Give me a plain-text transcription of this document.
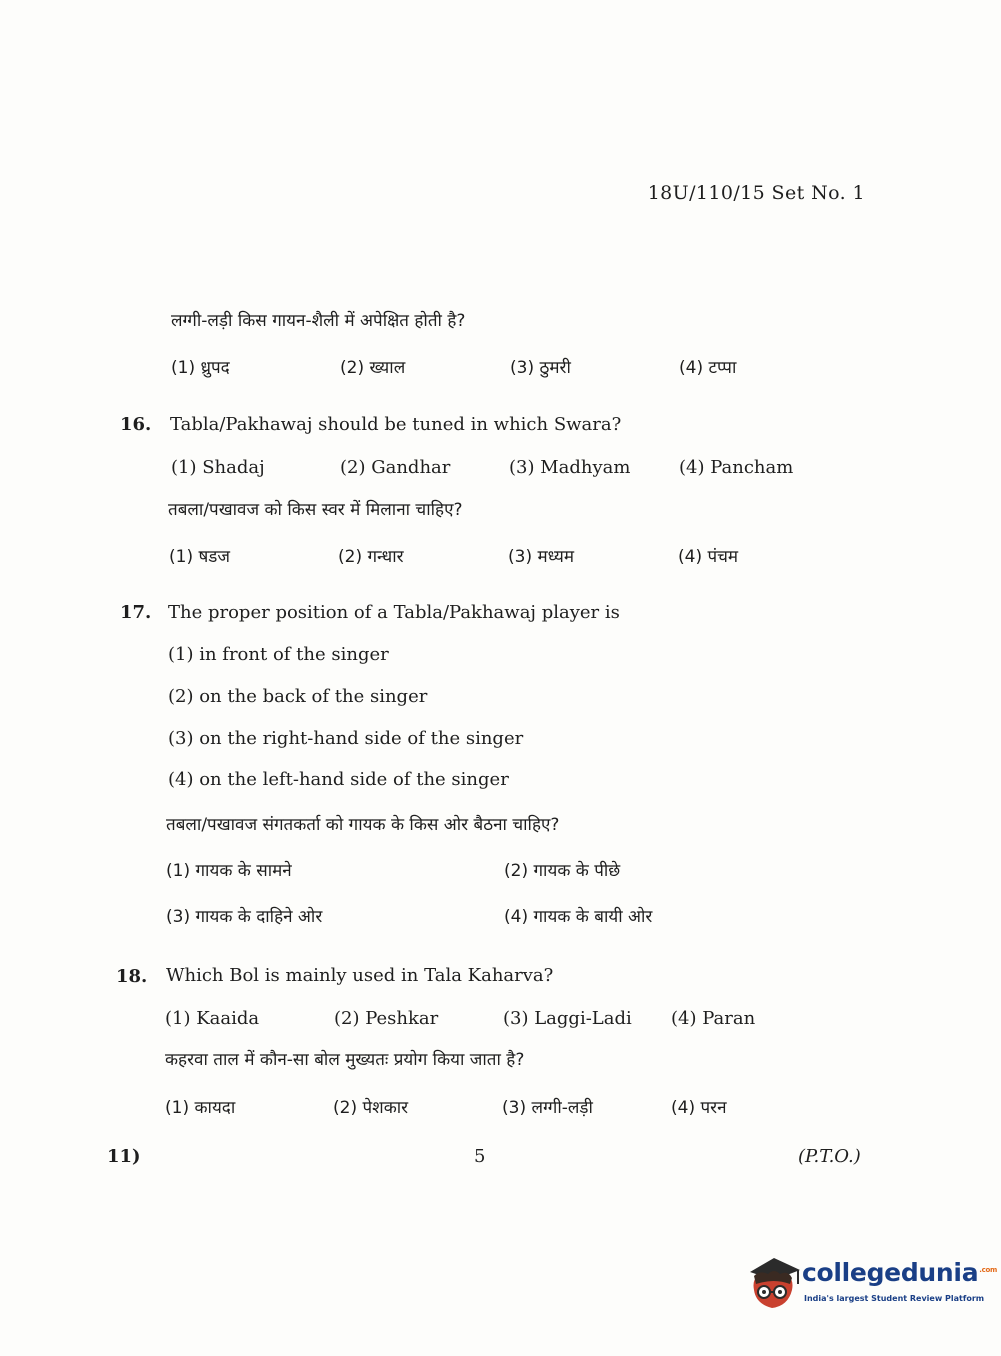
18U/110/15 Set No. 1
लग्गी-लड़ी किस गायन-शैली में अपेक्षित होती है?
(1) ध्रुपद	(2) ख्याल	(3) ठुमरी	(4) टप्पा
16. Tabla/Pakhawaj should be tuned in which Swara?
(1) Shadaj	(2) Gandhar	(3) Madhyam	(4) Pancham
तबला/पखावज को किस स्वर में मिलाना चाहिए?
(1) षडज	(2) गन्धार	(3) मध्यम	(4) पंचम
17. The proper position of a Tabla/Pakhawaj player is
(1) in front of the singer
(2) on the back of the singer
(3) on the right-hand side of the singer
(4) on the left-hand side of the singer
तबला/पखावज संगतकर्ता को गायक के किस ओर बैठना चाहिए?
(1) गायक के सामने	(2) गायक के पीछे
(3) गायक के दाहिने ओर	(4) गायक के बायी ओर
18. Which Bol is mainly used in Tala Kaharva?
(1) Kaaida	(2) Peshkar	(3) Laggi-Ladi (4) Paran
कहरवा ताल में कौन-सा बोल मुख्यतः प्रयोग किया जाता है?
(1) कायदा	(2) पेशकार	(3) लग्गी-लड़ी	(4) परन
11)	5	(P.T.O.)
collegedunia$^{.com}$
India's largest Student Review Platform
